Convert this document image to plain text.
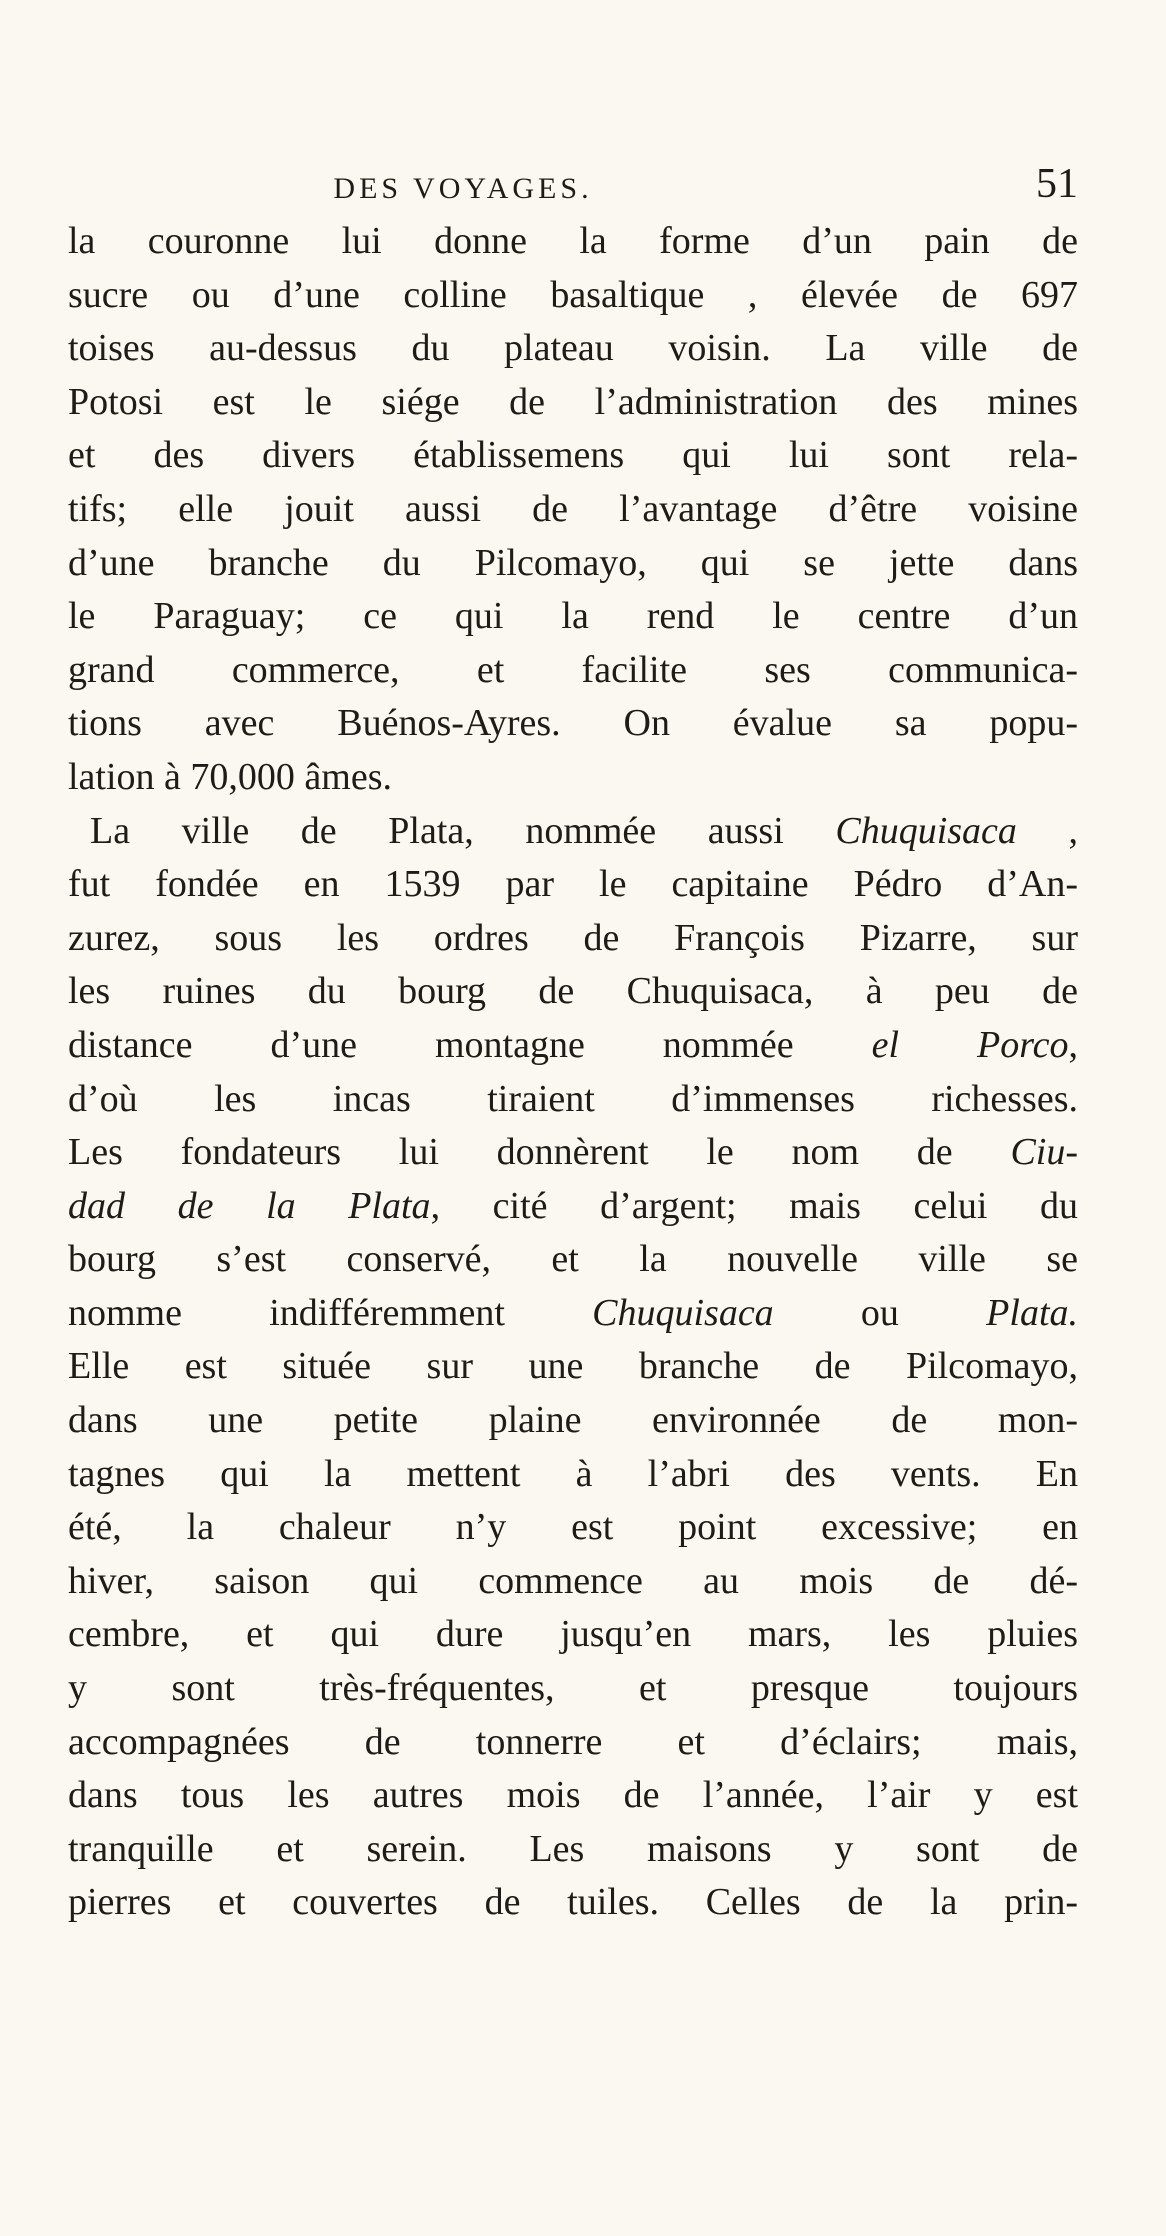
DES VOYAGES.	51
la couronne lui donne la forme d’un pain de
sucre ou d’une colline basaltique , élevée de 697
toises au-dessus du plateau voisin. La ville de
Potosi est le siége de l’administration des mines
et des divers établissemens qui lui sont rela-
tifs; elle jouit aussi de l’avantage d’être voisine
d’une branche du Pilcomayo, qui se jette dans
le Paraguay; ce qui la rend le centre d’un
grand commerce, et facilite ses communica-
tions avec Buénos-Ayres. On évalue sa popu-
lation à 70,000 âmes.
La ville de Plata, nommée aussi Chuquisaca ,
fut fondée en 1539 par le capitaine Pédro d’An-
zurez, sous les ordres de François Pizarre, sur
les ruines du bourg de Chuquisaca, à peu de
distance d’une montagne nommée el Porco,
d’où les incas tiraient d’immenses richesses.
Les fondateurs lui donnèrent le nom de Ciu-
dad de la Plata, cité d’argent; mais celui du
bourg s’est conservé, et la nouvelle ville se
nomme indifféremment Chuquisaca ou Plata.
Elle est située sur une branche de Pilcomayo,
dans une petite plaine environnée de mon-
tagnes qui la mettent à l’abri des vents. En
été, la chaleur n’y est point excessive; en
hiver, saison qui commence au mois de dé-
cembre, et qui dure jusqu’en mars, les pluies
y sont très-fréquentes, et presque toujours
accompagnées de tonnerre et d’éclairs; mais,
dans tous les autres mois de l’année, l’air y est
tranquille et serein. Les maisons y sont de
pierres et couvertes de tuiles. Celles de la prin-
